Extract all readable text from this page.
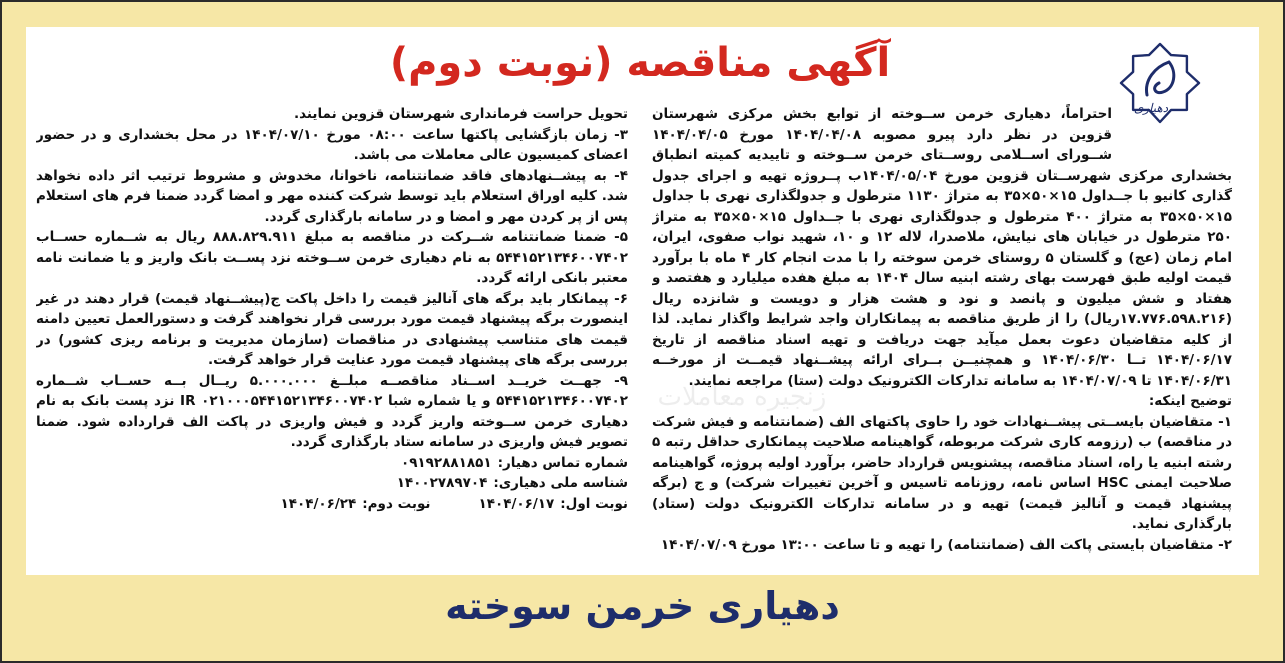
آگهی مناقصه (نوبت دوم)
دهیاری

احتراماً، دهیاری خرمن ســوخته از توابع بخش مرکزی شهرستان قزوین در نظر دارد پیرو مصوبه ۱۴۰۴/۰۴/۰۸ مورخ ۱۴۰۴/۰۴/۰۵ شــورای اســلامی روســتای خرمن ســوخته و تاییدیه کمیته انطباق بخشداری مرکزی شهرســتان قزوین مورخ ۱۴۰۴/۰۵/۰۴ب پــروژه تهیه و اجرای جدول گذاری کانیو با جــداول ۱۵×۵۰×۳۵ به متراژ ۱۱۳۰ مترطول و جدولگذاری نهری با جداول ۱۵×۵۰×۳۵ به متراژ ۴۰۰ مترطول و جدولگذاری نهری با جــداول ۱۵×۵۰×۳۵ به متراژ ۲۵۰ مترطول در خیابان های نیایش، ملاصدرا، لاله ۱۲ و ۱۰، شهید نواب صفوی، ایران، امام زمان (عج) و گلستان ۵ روستای خرمن سوخته را با مدت انجام کار ۴ ماه با برآورد قیمت اولیه طبق فهرست بهای رشته ابنیه سال ۱۴۰۴ به مبلغ هفده میلیارد و هفتصد و هفتاد و شش میلیون و پانصد و نود و هشت هزار و دویست و شانزده ریال (۱۷.۷۷۶.۵۹۸.۲۱۶ریال) را از طریق مناقصه به پیمانکاران واجد شرایط واگذار نماید. لذا از کلیه متقاضیان دعوت بعمل میآید جهت دریافت و تهیه اسناد مناقصه از تاریخ ۱۴۰۴/۰۶/۱۷ تــا ۱۴۰۴/۰۶/۳۰ و همچنیــن بــرای ارائه پیشــنهاد قیمــت از مورخــه ۱۴۰۴/۰۶/۳۱ تا ۱۴۰۴/۰۷/۰۹ به سامانه تدارکات الکترونیک دولت (ستا) مراجعه نمایند.

توضیح اینکه:

۱- متقاضیان بایســتی پیشــنهادات خود را حاوی پاکتهای الف (ضمانتنامه و فیش شرکت در مناقصه) ب (رزومه کاری شرکت مربوطه، گواهینامه صلاحیت پیمانکاری حداقل رتبه ۵ رشته ابنیه یا راه، اسناد مناقصه، پیشنویس قرارداد حاضر، برآورد اولیه پروژه، گواهینامه صلاحیت ایمنی HSC اساس نامه، روزنامه تاسیس و آخرین تغییرات شرکت) و ج (برگه پیشنهاد قیمت و آنالیز قیمت) تهیه و در سامانه تدارکات الکترونیک دولت (ستاد) بارگذاری نماید.

۲- متقاضیان بایستی پاکت الف (ضمانتنامه) را تهیه و تا ساعت ۱۳:۰۰ مورخ ۱۴۰۴/۰۷/۰۹

تحویل حراست فرمانداری شهرستان قزوین نمایند.

۳- زمان بازگشایی پاکتها ساعت ۰۸:۰۰ مورخ ۱۴۰۴/۰۷/۱۰ در محل بخشداری و در حضور اعضای کمیسیون عالی معاملات می باشد.

۴- به پیشــنهادهای فاقد ضمانتنامه، ناخوانا، مخدوش و مشروط ترتیب اثر داده نخواهد شد. کلیه اوراق استعلام باید توسط شرکت کننده مهر و امضا گردد ضمنا فرم های استعلام پس از پر کردن مهر و امضا و در سامانه بارگذاری گردد.

۵- ضمنا ضمانتنامه شــرکت در مناقصه به مبلغ ۸۸۸.۸۲۹.۹۱۱ ریال به شــماره حســاب ۵۴۴۱۵۲۱۳۴۶۰۰۷۴۰۲ به نام دهیاری خرمن ســوخته نزد پســت بانک واریز و یا ضمانت نامه معتبر بانکی ارائه گردد.

۶- پیمانکار باید برگه های آنالیز قیمت را داخل پاکت ج(پیشــنهاد قیمت) قرار دهند در غیر اینصورت برگه پیشنهاد قیمت مورد بررسی قرار نخواهند گرفت و دستورالعمل تعیین دامنه قیمت های متناسب پیشنهادی در مناقصات (سازمان مدیریت و برنامه ریزی کشور) در بررسی برگه های پیشنهاد قیمت مورد عنایت قرار خواهد گرفت.

۹- جهــت خریــد اســناد مناقصــه مبلــغ ۵.۰۰۰.۰۰۰ ریــال بــه حســاب شــماره ۵۴۴۱۵۲۱۳۴۶۰۰۷۴۰۲ و یا شماره شبا ۰۲۱۰۰۰۵۴۴۱۵۲۱۳۴۶۰۰۷۴۰۲ IR نزد پست بانک به نام دهیاری خرمن ســوخته واریز گردد و فیش واریزی در پاکت الف قرارداده شود. ضمنا تصویر فیش واریزی در سامانه ستاد بارگذاری گردد.

شماره تماس دهیار:۰۹۱۹۲۸۸۱۸۵۱
شناسه ملی دهیاری:۱۴۰۰۲۷۸۹۷۰۴
نوبت اول:۱۴۰۴/۰۶/۱۷نوبت دوم:۱۴۰۴/۰۶/۲۴
دهیاری خرمن سوخته
